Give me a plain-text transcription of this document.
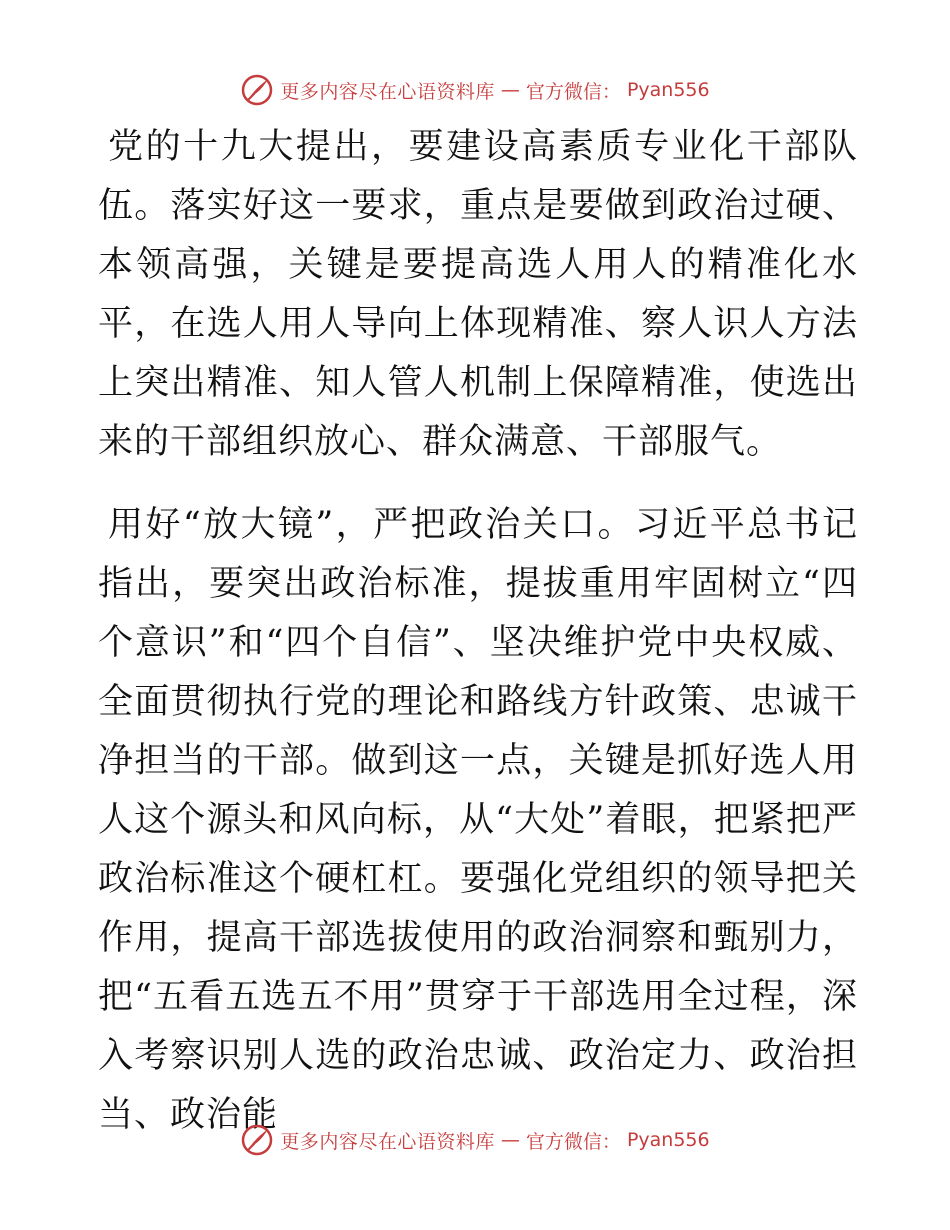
更多内容尽在心语资料库 — 官方微信： Pyan556

党的十九大提出，要建设高素质专业化干部队伍。落实好这一要求，重点是要做到政治过硬、本领高强，关键是要提高选人用人的精准化水平，在选人用人导向上体现精准、察人识人方法上突出精准、知人管人机制上保障精准，使选出来的干部组织放心、群众满意、干部服气。

用好“放大镜”，严把政治关口。习近平总书记指出，要突出政治标准，提拔重用牢固树立“四个意识”和“四个自信”、坚决维护党中央权威、全面贯彻执行党的理论和路线方针政策、忠诚干净担当的干部。做到这一点，关键是抓好选人用人这个源头和风向标，从“大处”着眼，把紧把严政治标准这个硬杠杠。要强化党组织的领导把关作用，提高干部选拔使用的政治洞察和甄别力，把“五看五选五不用”贯穿于干部选用全过程，深入考察识别人选的政治忠诚、政治定力、政治担当、政治能

更多内容尽在心语资料库 — 官方微信： Pyan556
